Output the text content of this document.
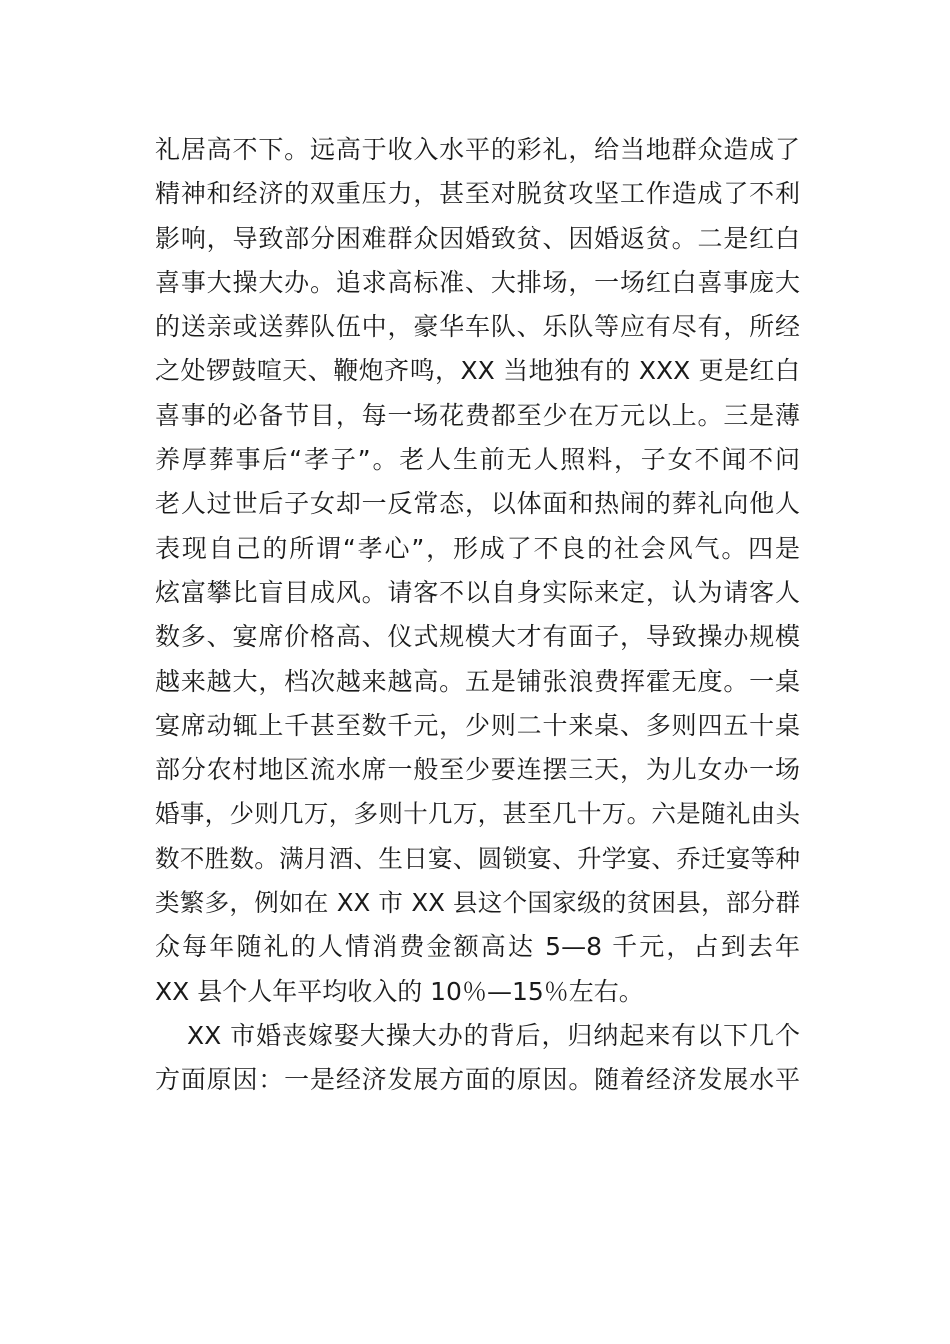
礼居高不下。远高于收入水平的彩礼，给当地群众造成了
精神和经济的双重压力，甚至对脱贫攻坚工作造成了不利
影响，导致部分困难群众因婚致贫、因婚返贫。二是红白
喜事大操大办。追求高标准、大排场，一场红白喜事庞大
的送亲或送葬队伍中，豪华车队、乐队等应有尽有，所经
之处锣鼓喧天、鞭炮齐鸣，XX 当地独有的 XXX 更是红白
喜事的必备节目，每一场花费都至少在万元以上。三是薄
养厚葬事后“孝子”。老人生前无人照料，子女不闻不问
老人过世后子女却一反常态，以体面和热闹的葬礼向他人
表现自己的所谓“孝心”，形成了不良的社会风气。四是
炫富攀比盲目成风。请客不以自身实际来定，认为请客人
数多、宴席价格高、仪式规模大才有面子，导致操办规模
越来越大，档次越来越高。五是铺张浪费挥霍无度。一桌
宴席动辄上千甚至数千元，少则二十来桌、多则四五十桌
部分农村地区流水席一般至少要连摆三天，为儿女办一场
婚事，少则几万，多则十几万，甚至几十万。六是随礼由头
数不胜数。满月酒、生日宴、圆锁宴、升学宴、乔迁宴等种
类繁多，例如在 XX 市 XX 县这个国家级的贫困县，部分群
众每年随礼的人情消费金额高达 5—8 千元，占到去年
XX 县个人年平均收入的 10％—15％左右。
XX 市婚丧嫁娶大操大办的背后，归纳起来有以下几个
方面原因：一是经济发展方面的原因。随着经济发展水平
